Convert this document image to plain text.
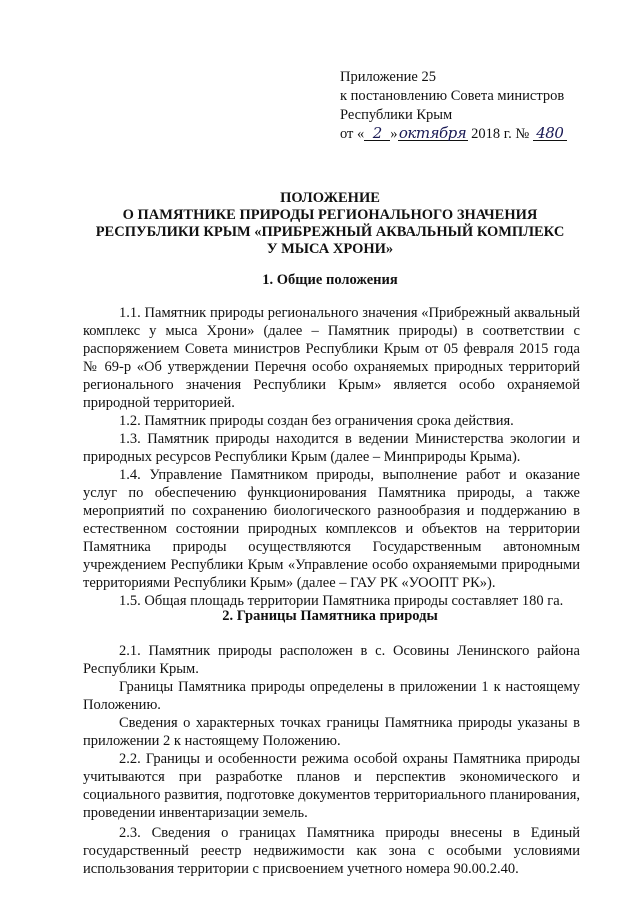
Приложение 25
к постановлению Совета министров
Республики Крым
от « 2 »октября 2018 г. № 480
ПОЛОЖЕНИЕ
О ПАМЯТНИКЕ ПРИРОДЫ РЕГИОНАЛЬНОГО ЗНАЧЕНИЯ
РЕСПУБЛИКИ КРЫМ «ПРИБРЕЖНЫЙ АКВАЛЬНЫЙ КОМПЛЕКС
У МЫСА ХРОНИ»
1. Общие положения

1.1. Памятник природы регионального значения «Прибрежный аквальный комплекс у мыса Хрони» (далее – Памятник природы) в соответствии с распоряжением Совета министров Республики Крым от 05 февраля 2015 года № 69-р «Об утверждении Перечня особо охраняемых природных территорий регионального значения Республики Крым» является особо охраняемой природной территорией.

1.2. Памятник природы создан без ограничения срока действия.

1.3. Памятник природы находится в ведении Министерства экологии и природных ресурсов Республики Крым (далее – Минприроды Крыма).

1.4. Управление Памятником природы, выполнение работ и оказание услуг по обеспечению функционирования Памятника природы, а также мероприятий по сохранению биологического разнообразия и поддержанию в естественном состоянии природных комплексов и объектов на территории Памятника природы осуществляются Государственным автономным учреждением Республики Крым «Управление особо охраняемыми природными территориями Республики Крым» (далее – ГАУ РК «УООПТ РК»).

1.5. Общая площадь территории Памятника природы составляет 180 га.

2. Границы Памятника природы

2.1. Памятник природы расположен в с. Осовины Ленинского района Республики Крым.

Границы Памятника природы определены в приложении 1 к настоящему Положению.

Сведения о характерных точках границы Памятника природы указаны в приложении 2 к настоящему Положению.

2.2. Границы и особенности режима особой охраны Памятника природы учитываются при разработке планов и перспектив экономического и социального развития, подготовке документов территориального планирования, проведении инвентаризации земель.

2.3. Сведения о границах Памятника природы внесены в Единый государственный реестр недвижимости как зона с особыми условиями использования территории с присвоением учетного номера 90.00.2.40.
